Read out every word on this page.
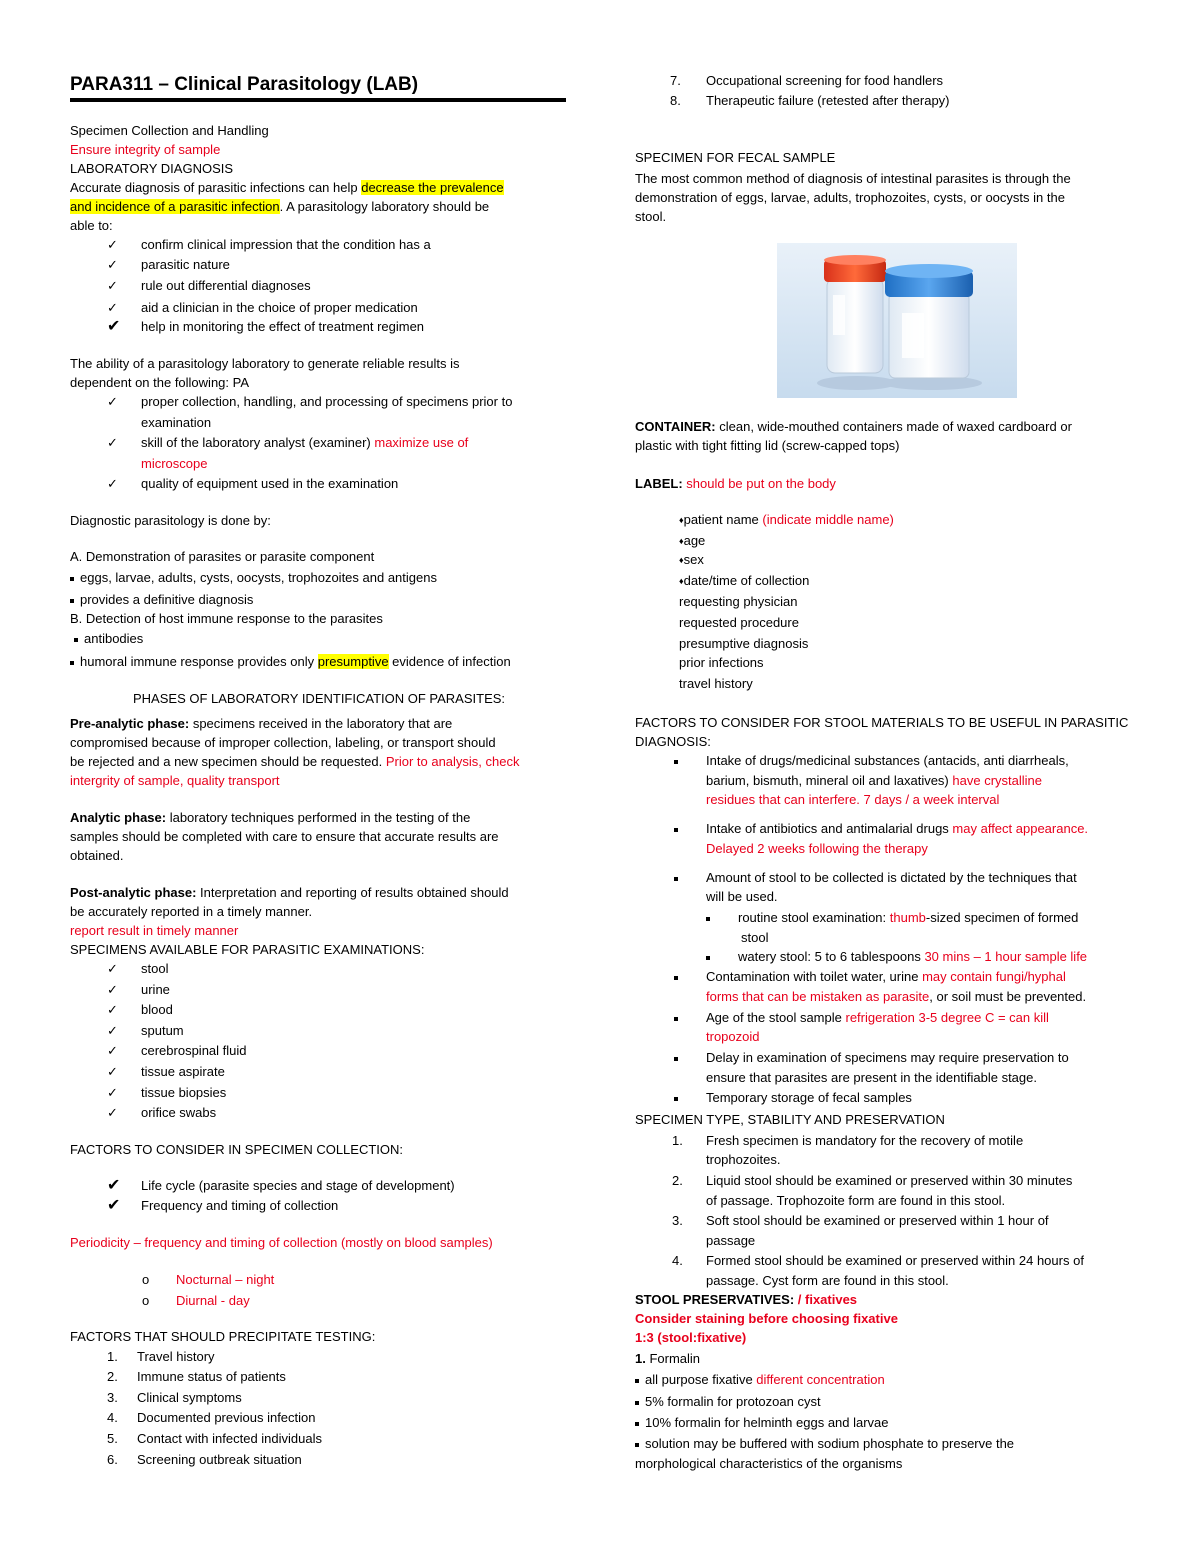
PARA311 – Clinical Parasitology (LAB)
Specimen Collection and Handling
Ensure integrity of sample
LABORATORY DIAGNOSIS
Accurate diagnosis of parasitic infections can help decrease the prevalence
and incidence of a parasitic infection. A parasitology laboratory should be
able to:
✓ confirm clinical impression that the condition has a
✓ parasitic nature
✓ rule out differential diagnoses
✓ aid a clinician in the choice of proper medication
✔ help in monitoring the effect of treatment regimen
The ability of a parasitology laboratory to generate reliable results is
dependent on the following: PA
✓ proper collection, handling, and processing of specimens prior to
examination
✓ skill of the laboratory analyst (examiner) maximize use of
microscope
✓ quality of equipment used in the examination
Diagnostic parasitology is done by:
A. Demonstration of parasites or parasite component
eggs, larvae, adults, cysts, oocysts, trophozoites and antigens
provides a definitive diagnosis
B. Detection of host immune response to the parasites
antibodies
humoral immune response provides only presumptive evidence of infection
PHASES OF LABORATORY IDENTIFICATION OF PARASITES:
Pre-analytic phase: specimens received in the laboratory that are
compromised because of improper collection, labeling, or transport should
be rejected and a new specimen should be requested. Prior to analysis, check
intergrity of sample, quality transport
Analytic phase: laboratory techniques performed in the testing of the
samples should be completed with care to ensure that accurate results are
obtained.
Post-analytic phase: Interpretation and reporting of results obtained should
be accurately reported in a timely manner.
report result in timely manner
SPECIMENS AVAILABLE FOR PARASITIC EXAMINATIONS:
✓ stool
✓ urine
✓ blood
✓ sputum
✓ cerebrospinal fluid
✓ tissue aspirate
✓ tissue biopsies
✓ orifice swabs
FACTORS TO CONSIDER IN SPECIMEN COLLECTION:
✔ Life cycle (parasite species and stage of development)
✔ Frequency and timing of collection
Periodicity – frequency and timing of collection (mostly on blood samples)
o Nocturnal – night
o Diurnal - day
FACTORS THAT SHOULD PRECIPITATE TESTING:
1. Travel history
2. Immune status of patients
3. Clinical symptoms
4. Documented previous infection
5. Contact with infected individuals
6. Screening outbreak situation
7. Occupational screening for food handlers
8. Therapeutic failure (retested after therapy)
SPECIMEN FOR FECAL SAMPLE
The most common method of diagnosis of intestinal parasites is through the
demonstration of eggs, larvae, adults, trophozoites, cysts, or oocysts in the
stool.
CONTAINER: clean, wide-mouthed containers made of waxed cardboard or
plastic with tight fitting lid (screw-capped tops)
LABEL: should be put on the body
♦patient name (indicate middle name)
♦age
♦sex
♦date/time of collection
requesting physician
requested procedure
presumptive diagnosis
prior infections
travel history
FACTORS TO CONSIDER FOR STOOL MATERIALS TO BE USEFUL IN PARASITIC
DIAGNOSIS:
Intake of drugs/medicinal substances (antacids, anti diarrheals,
barium, bismuth, mineral oil and laxatives) have crystalline
residues that can interfere. 7 days / a week interval
Intake of antibiotics and antimalarial drugs may affect appearance.
Delayed 2 weeks following the therapy
Amount of stool to be collected is dictated by the techniques that
will be used.
routine stool examination: thumb-sized specimen of formed
stool
watery stool: 5 to 6 tablespoons 30 mins – 1 hour sample life
Contamination with toilet water, urine may contain fungi/hyphal
forms that can be mistaken as parasite, or soil must be prevented.
Age of the stool sample refrigeration 3-5 degree C = can kill
tropozoid
Delay in examination of specimens may require preservation to
ensure that parasites are present in the identifiable stage.
Temporary storage of fecal samples
SPECIMEN TYPE, STABILITY AND PRESERVATION
1. Fresh specimen is mandatory for the recovery of motile
trophozoites.
2. Liquid stool should be examined or preserved within 30 minutes
of passage. Trophozoite form are found in this stool.
3. Soft stool should be examined or preserved within 1 hour of
passage
4. Formed stool should be examined or preserved within 24 hours of
passage. Cyst form are found in this stool.
STOOL PRESERVATIVES: / fixatives
Consider staining before choosing fixative
1:3 (stool:fixative)
1. Formalin
all purpose fixative different concentration
5% formalin for protozoan cyst
10% formalin for helminth eggs and larvae
solution may be buffered with sodium phosphate to preserve the
morphological characteristics of the organisms
